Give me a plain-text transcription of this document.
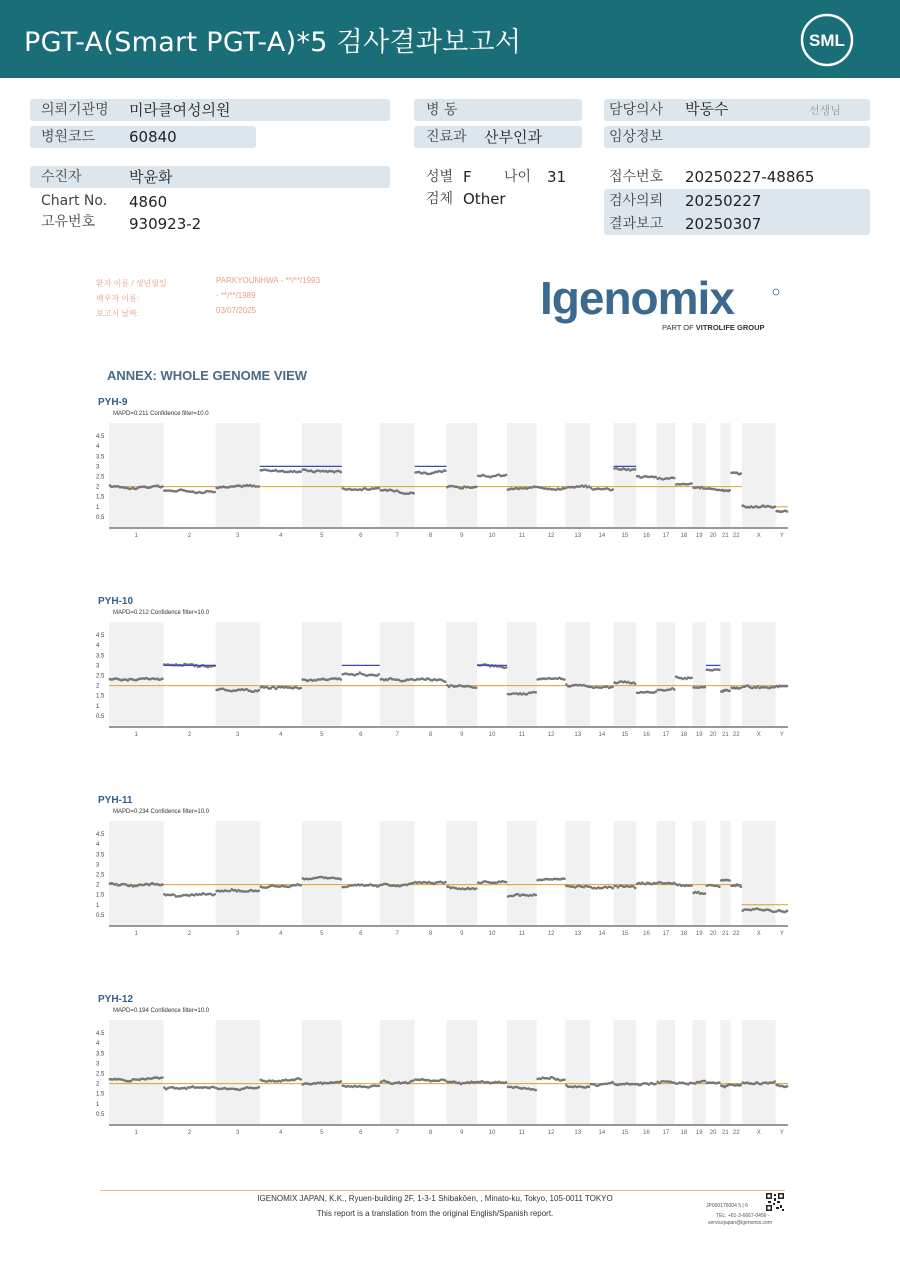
PGT-A(Smart PGT-A)*5 검사결과보고서	SML
의뢰기관명 미라클여성의원
병원코드 60840
수진자	박윤화
Chart No. 4860
고유번호 930923-2
병 동
진료과 산부인과
성별 F 나이 31
검체 Other
담당의사 박동수	선생님
임상정보
접수번호 20250227-48865
검사의뢰 20250227
결과보고 20250307
환자 이름 / 생년월일	PARKYOUNHWA - **/**/1993
배우자 이름:	- **/**/1989
보고서 날짜:	03/07/2025	Igenomix
PART OF VITROLIFE GROUP
ANNEX: WHOLE GENOME VIEW
PYH-9
MAPD=0.211 Confidence filter=10.0
0.5
1
1.5
2
2.5
3
3.5
4
4.5
1	2	3	4	5	6	7	8	9	10	11	12	13	14	15 16 17 18 19 20 21 22	X	Y
PYH-10
MAPD=0.212 Confidence filter=10.0
0.5
1
1.5
2
2.5
3
3.5
4
4.5
1	2	3	4	5	6	7	8	9	10	11	12	13	14	15 16 17 18 19 20 21 22	X	Y
PYH-11
MAPD=0.234 Confidence filter=10.0
0.5
1
1.5
2
2.5
3
3.5
4
4.5
1	2	3	4	5	6	7	8	9	10	11	12	13	14	15 16 17 18 19 20 21 22	X	Y
PYH-12
MAPD=0.194 Confidence filter=10.0
0.5
1
1.5
2
2.5
3
3.5
4
4.5
1	2	3	4	5	6	7	8	9	10	11	12	13	14	15 16 17 18 19 20 21 22	X	Y
IGENOMIX JAPAN, K.K., Ryuen-building 2F, 1-3-1 Shibakōen, , Minato-ku, Tokyo, 105-0011 TOKYO
This report is a translation from the original English/Spanish report.
JP000176004 5 | 6
TEL: +81-3-6667-0456 -
servicejapan@igenomix.com
